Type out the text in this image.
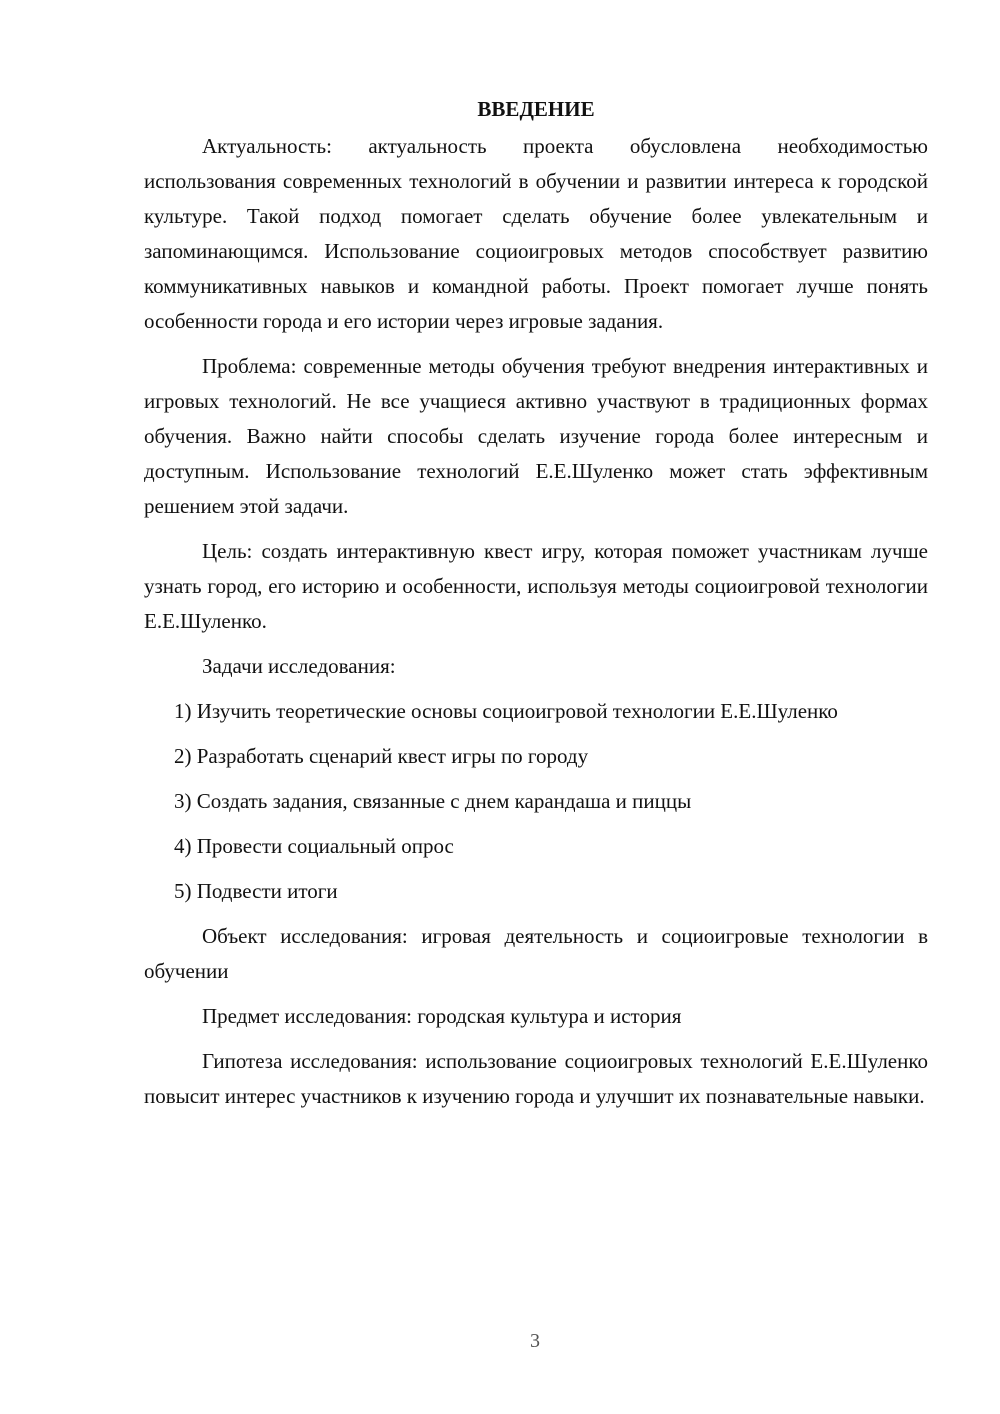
ВВЕДЕНИЕ

Актуальность: актуальность проекта обусловлена необходимостью использования современных технологий в обучении и развитии интереса к городской культуре. Такой подход помогает сделать обучение более увлекательным и запоминающимся. Использование социоигровых методов способствует развитию коммуникативных навыков и командной работы. Проект помогает лучше понять особенности города и его истории через игровые задания.

Проблема: современные методы обучения требуют внедрения интерактивных и игровых технологий. Не все учащиеся активно участвуют в традиционных формах обучения. Важно найти способы сделать изучение города более интересным и доступным. Использование технологий Е.Е.Шуленко может стать эффективным решением этой задачи.

Цель: создать интерактивную квест игру, которая поможет участникам лучше узнать город, его историю и особенности, используя методы социоигровой технологии Е.Е.Шуленко.

Задачи исследования:

1) Изучить теоретические основы социоигровой технологии Е.Е.Шуленко

2) Разработать сценарий квест игры по городу

3) Создать задания, связанные с днем карандаша и пиццы

4) Провести социальный опрос

5) Подвести итоги

Объект исследования: игровая деятельность и социоигровые технологии в обучении

Предмет исследования: городская культура и история

Гипотеза исследования: использование социоигровых технологий Е.Е.Шуленко повысит интерес участников к изучению города и улучшит их познавательные навыки.

3
